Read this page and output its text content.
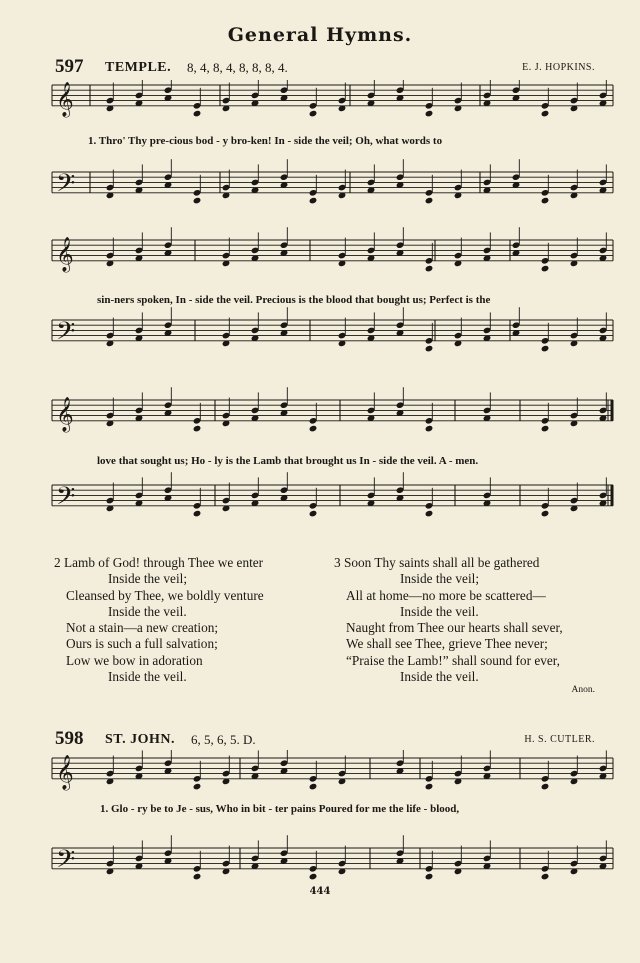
General Hymns.
597 TEMPLE. 8, 4, 8, 4, 8, 8, 8, 4.	E. J. HOPKINS.
𝄞
𝄢
𝄞
𝄢
𝄞
𝄢
1. Thro' Thy pre-cious bod - y bro-ken! In - side the veil; Oh, what words to
sin-ners spoken, In - side the veil. Precious is the blood that bought us; Perfect is the
love that sought us; Ho - ly is the Lamb that brought us In - side the veil. A - men.
2 Lamb of God! through Thee we enter
Inside the veil;
Cleansed by Thee, we boldly venture
Inside the veil.
Not a stain—a new creation;
Ours is such a full salvation;
Low we bow in adoration
Inside the veil.
3 Soon Thy saints shall all be gathered
Inside the veil;
All at home—no more be scattered—
Inside the veil.
Naught from Thee our hearts shall sever,
We shall see Thee, grieve Thee never;
“Praise the Lamb!” shall sound for ever,
Inside the veil.
Anon.
598 ST. JOHN. 6, 5, 6, 5. D.	H. S. CUTLER.
𝄞
𝄢
1. Glo - ry be to Je - sus, Who in bit - ter pains Poured for me the life - blood,
444
